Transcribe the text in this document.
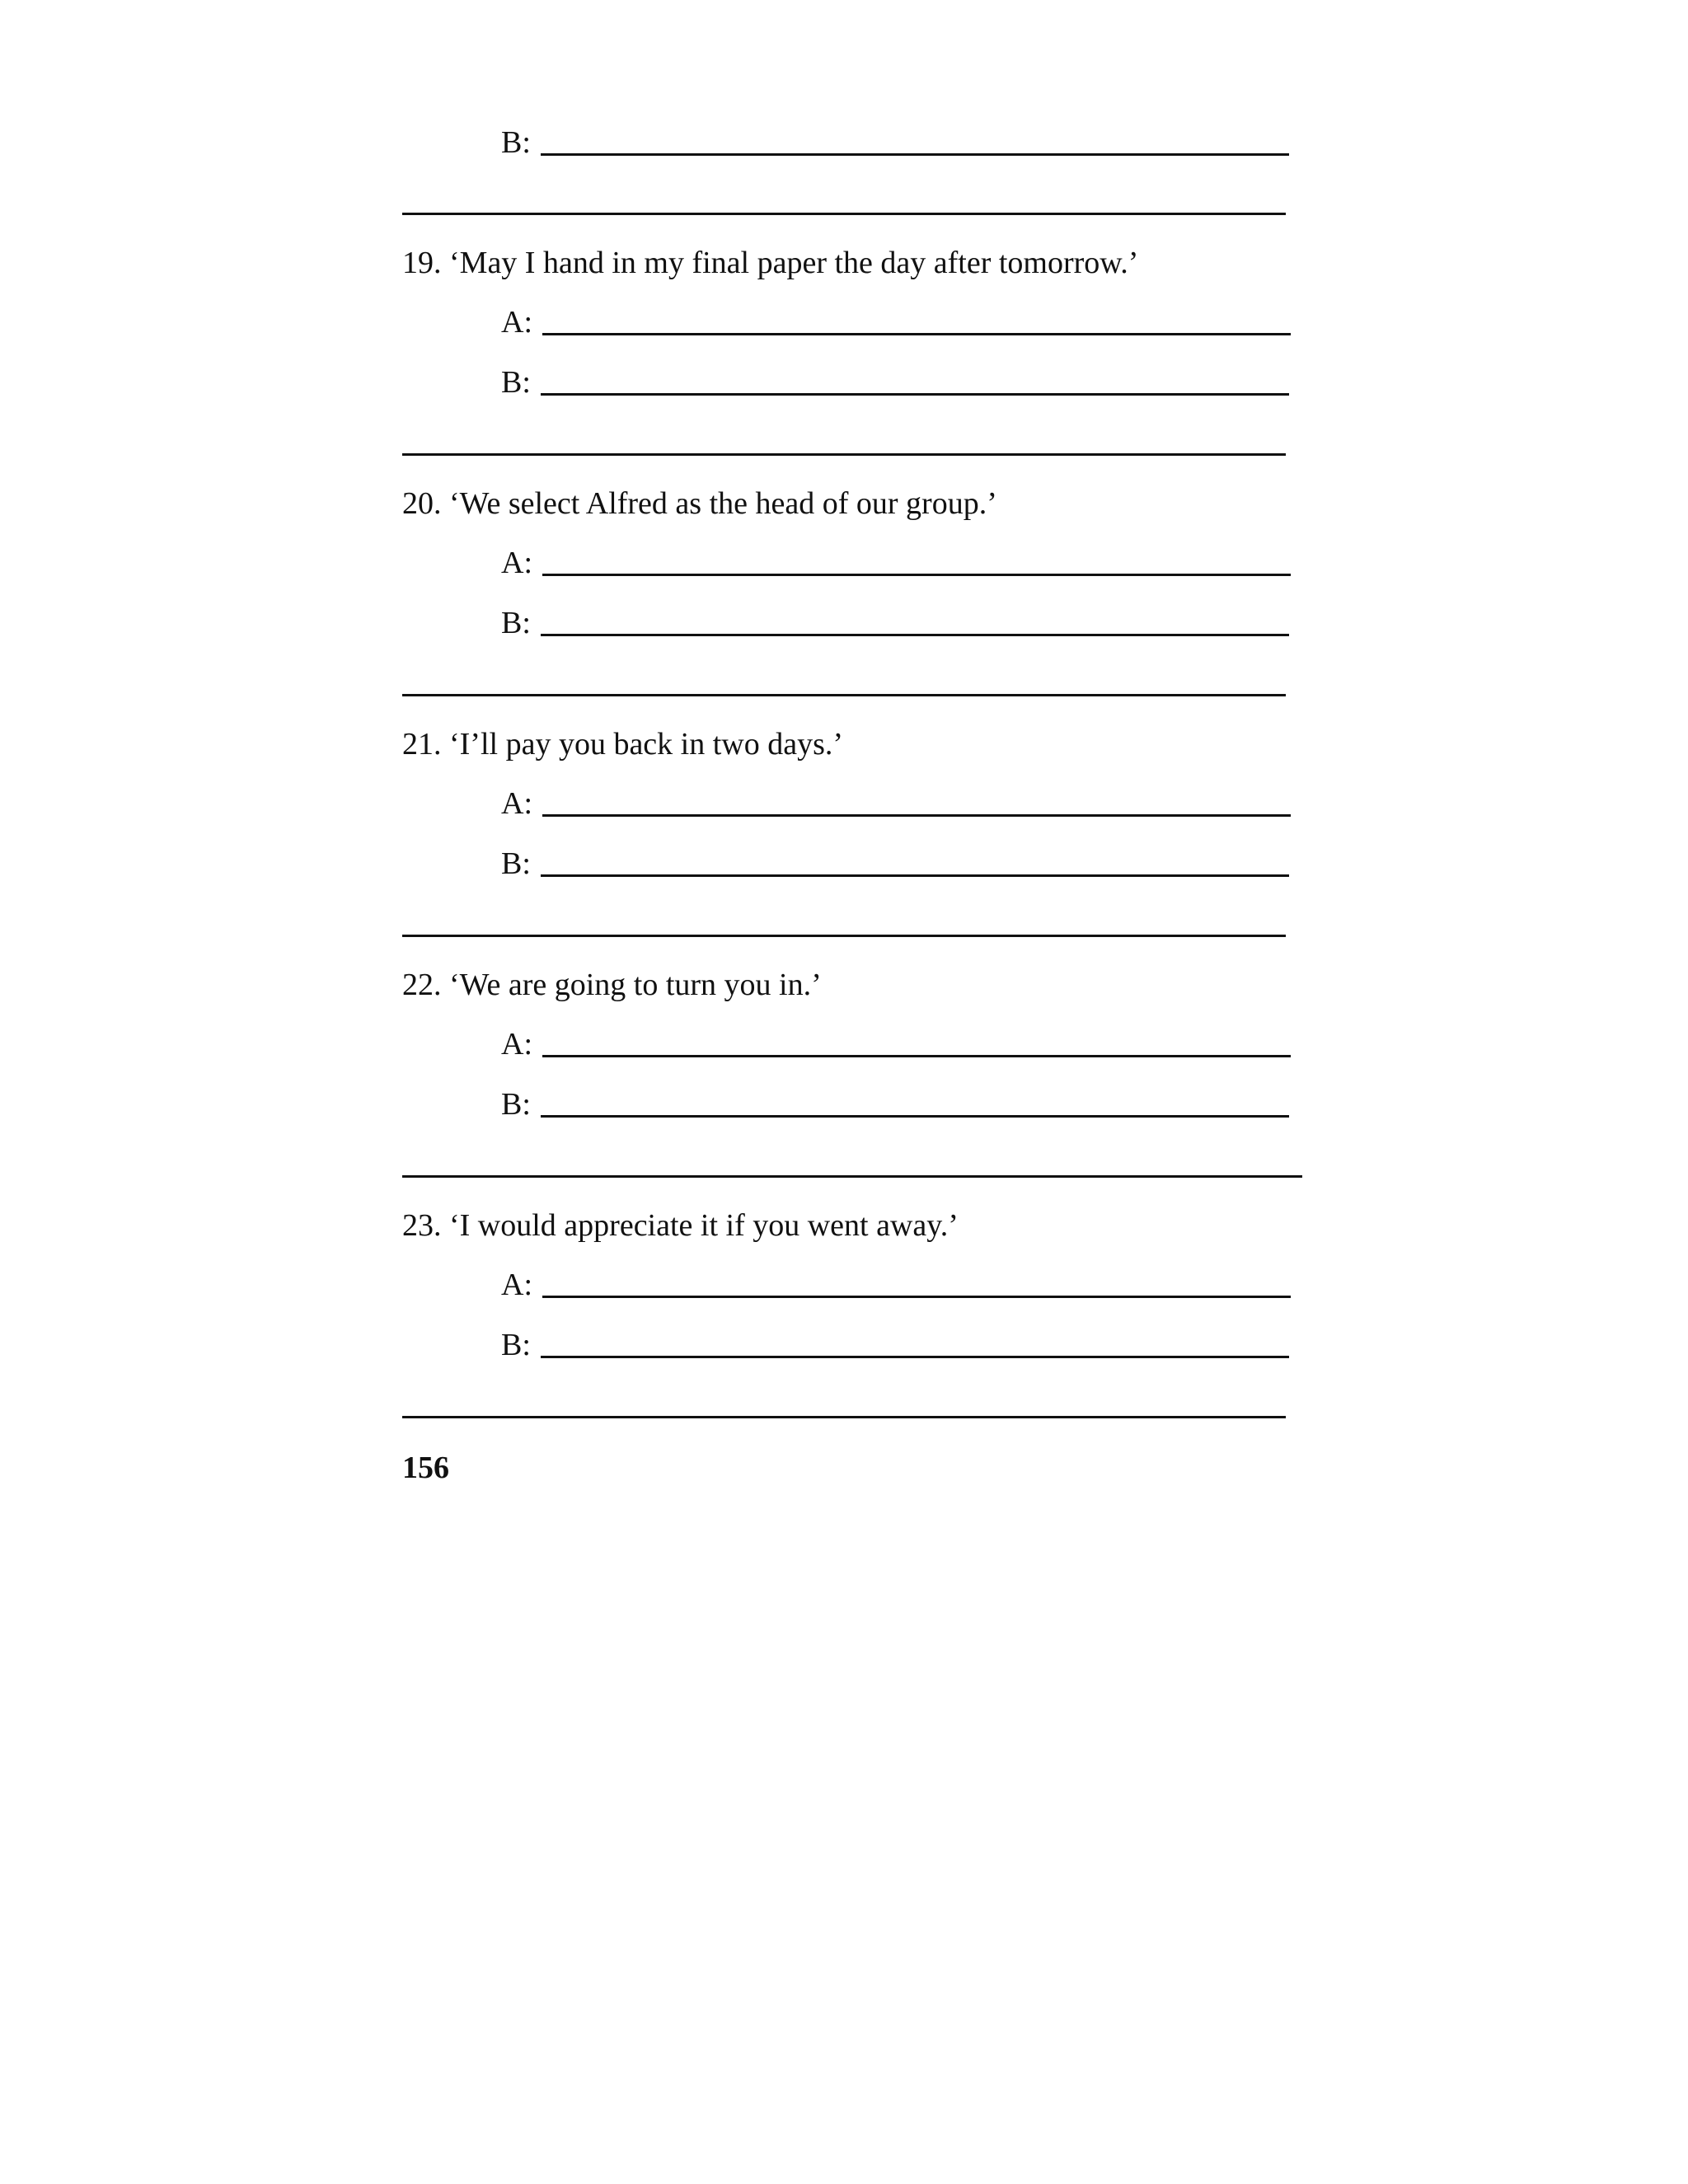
B:
19. ‘May I hand in my final paper the day after tomorrow.’
A:
B:
20. ‘We select Alfred as the head of our group.’
A:
B:
21. ‘I’ll pay you back in two days.’
A:
B:
22. ‘We are going to turn you in.’
A:
B:
23. ‘I would appreciate it if you went away.’
A:
B:
156
